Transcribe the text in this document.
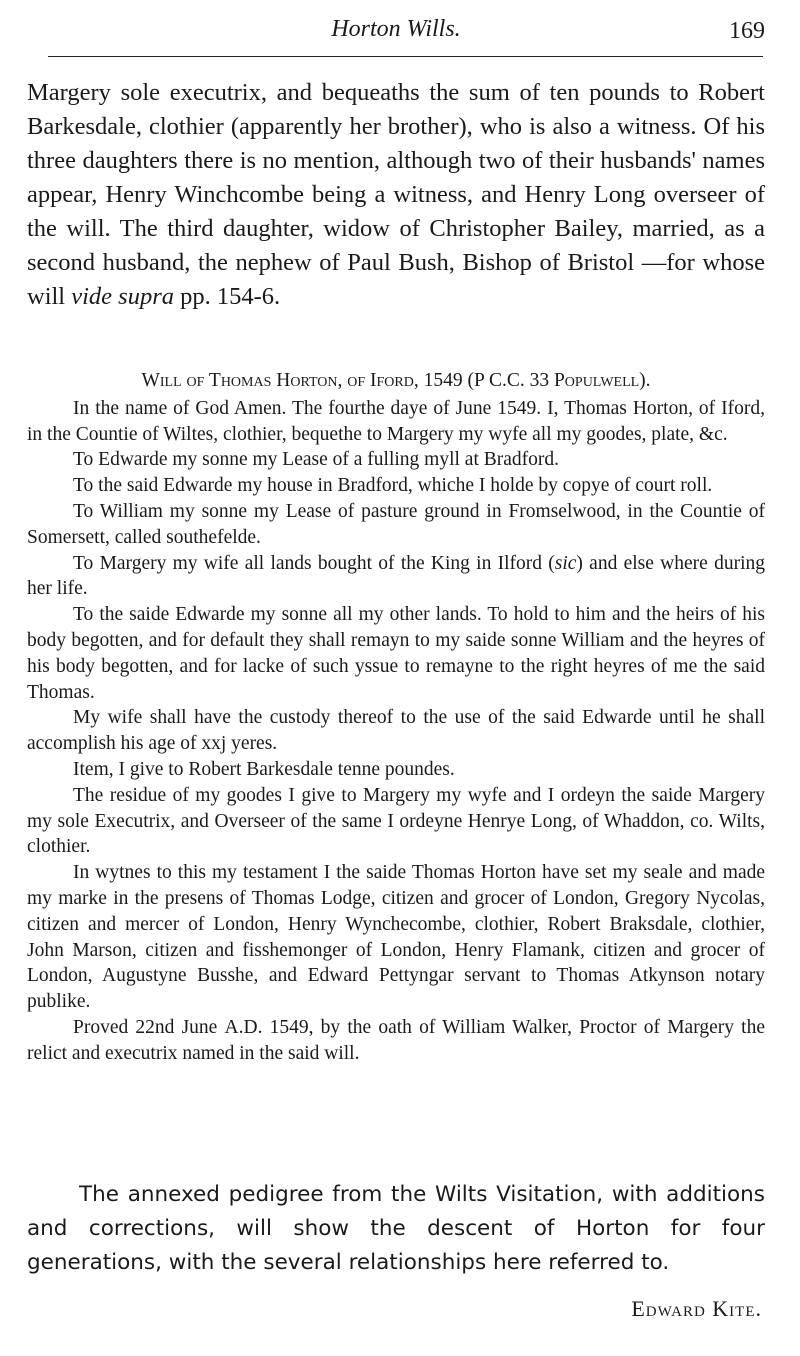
Horton Wills.	169
Margery sole executrix, and bequeaths the sum of ten pounds to Robert Barkesdale, clothier (apparently her brother), who is also a witness. Of his three daughters there is no mention, although two of their husbands' names appear, Henry Winchcombe being a witness, and Henry Long overseer of the will. The third daughter, widow of Christopher Bailey, married, as a second husband, the nephew of Paul Bush, Bishop of Bristol —for whose will vide supra pp. 154-6.

Will of Thomas Horton, of Iford, 1549 (P C.C. 33 Populwell).

In the name of God Amen. The fourthe daye of June 1549. I, Thomas Horton, of Iford, in the Countie of Wiltes, clothier, bequethe to Margery my wyfe all my goodes, plate, &c.

To Edwarde my sonne my Lease of a fulling myll at Bradford.

To the said Edwarde my house in Bradford, whiche I holde by copye of court roll.

To William my sonne my Lease of pasture ground in Fromselwood, in the Countie of Somersett, called southefelde.

To Margery my wife all lands bought of the King in Ilford (sic) and else where during her life.

To the saide Edwarde my sonne all my other lands. To hold to him and the heirs of his body begotten, and for default they shall remayn to my saide sonne William and the heyres of his body begotten, and for lacke of such yssue to remayne to the right heyres of me the said Thomas.

My wife shall have the custody thereof to the use of the said Edwarde until he shall accomplish his age of xxj yeres.

Item, I give to Robert Barkesdale tenne poundes.

The residue of my goodes I give to Margery my wyfe and I ordeyn the saide Margery my sole Executrix, and Overseer of the same I ordeyne Henrye Long, of Whaddon, co. Wilts, clothier.

In wytnes to this my testament I the saide Thomas Horton have set my seale and made my marke in the presens of Thomas Lodge, citizen and grocer of London, Gregory Nycolas, citizen and mercer of London, Henry Wynchecombe, clothier, Robert Braksdale, clothier, John Marson, citizen and fisshemonger of London, Henry Flamank, citizen and grocer of London, Augustyne Busshe, and Edward Pettyngar servant to Thomas Atkynson notary publike.

Proved 22nd June A.D. 1549, by the oath of William Walker, Proctor of Margery the relict and executrix named in the said will.

The annexed pedigree from the Wilts Visitation, with additions and corrections, will show the descent of Horton for four generations, with the several relationships here referred to.

Edward Kite.
